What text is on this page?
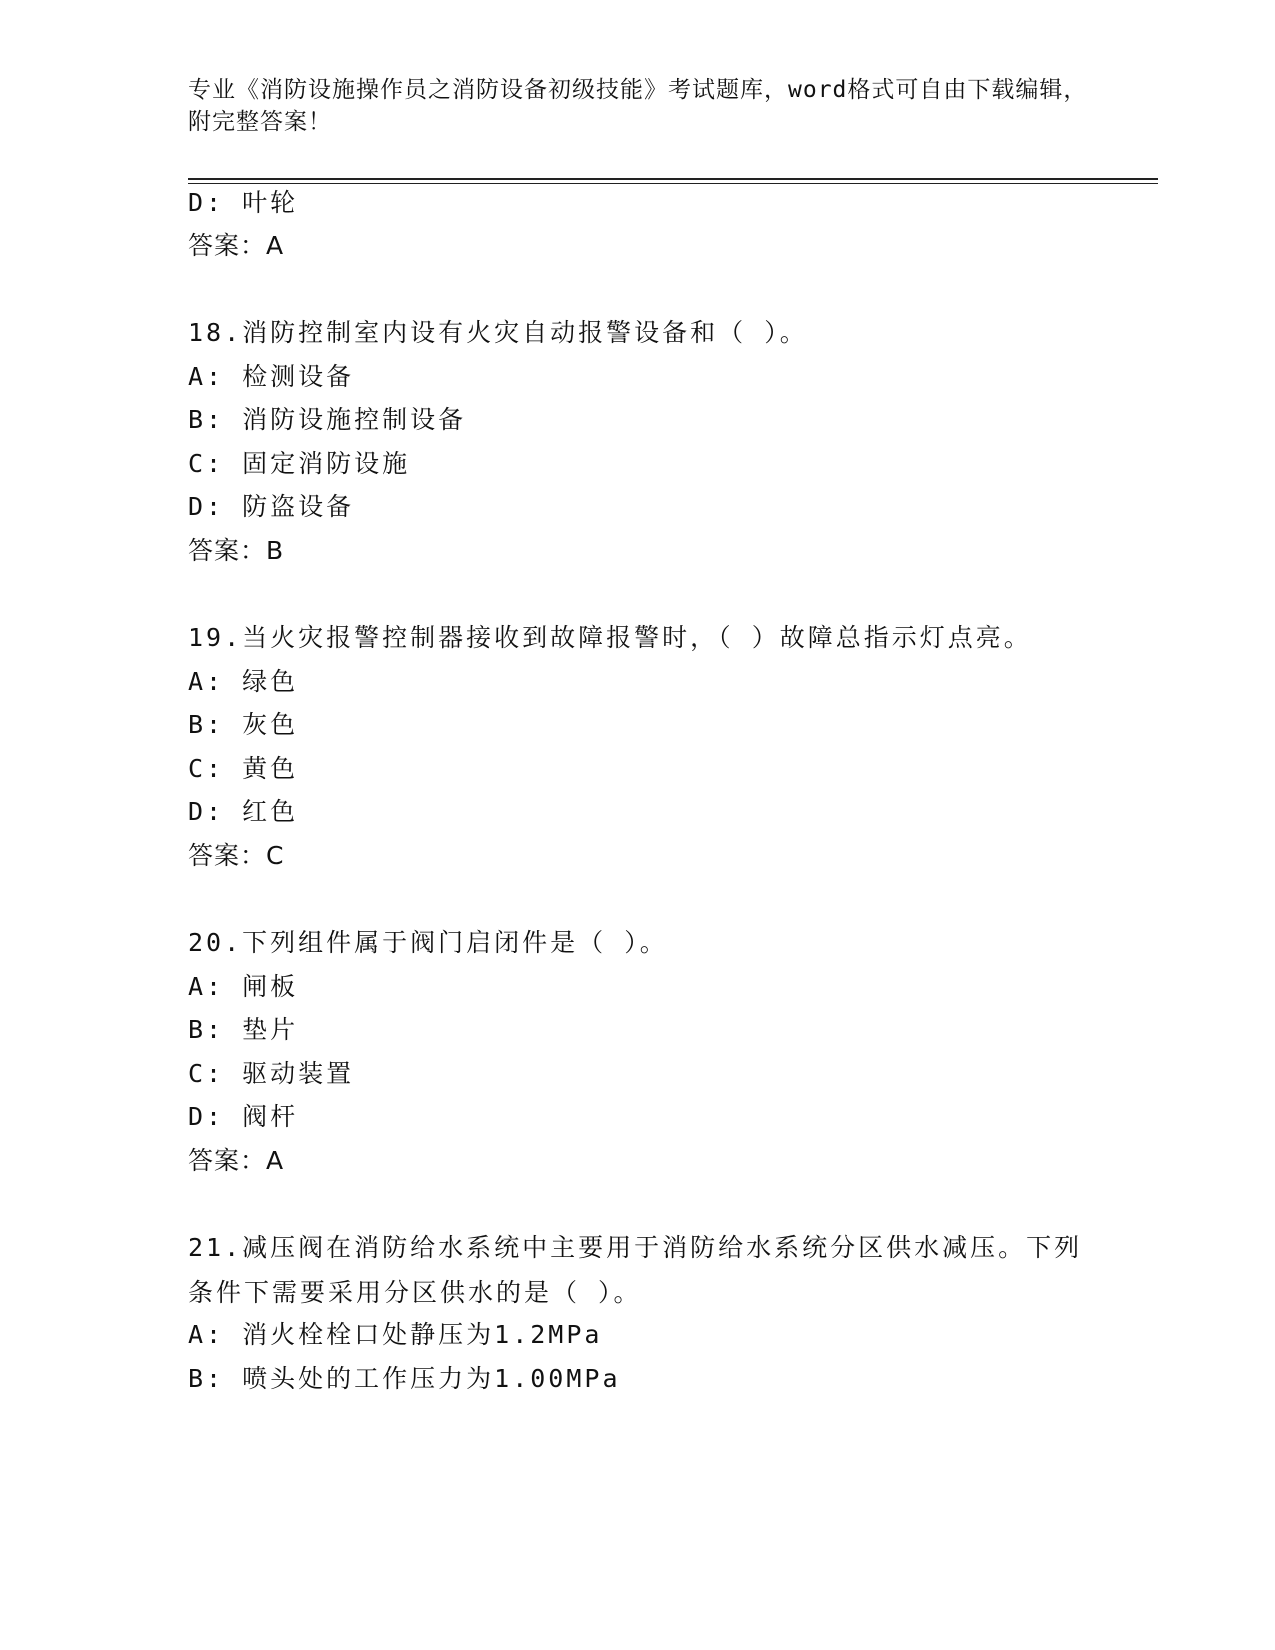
专业《消防设施操作员之消防设备初级技能》考试题库，word格式可自由下载编辑，附完整答案！
D: 叶轮
答案：A
18.消防控制室内设有火灾自动报警设备和（ ）。
A: 检测设备
B: 消防设施控制设备
C: 固定消防设施
D: 防盗设备
答案：B
19.当火灾报警控制器接收到故障报警时，（ ）故障总指示灯点亮。
A: 绿色
B: 灰色
C: 黄色
D: 红色
答案：C
20.下列组件属于阀门启闭件是（ ）。
A: 闸板
B: 垫片
C: 驱动装置
D: 阀杆
答案：A
21.减压阀在消防给水系统中主要用于消防给水系统分区供水减压。下列条件下需要采用分区供水的是（ ）。
A: 消火栓栓口处静压为1.2MPa
B: 喷头处的工作压力为1.00MPa
